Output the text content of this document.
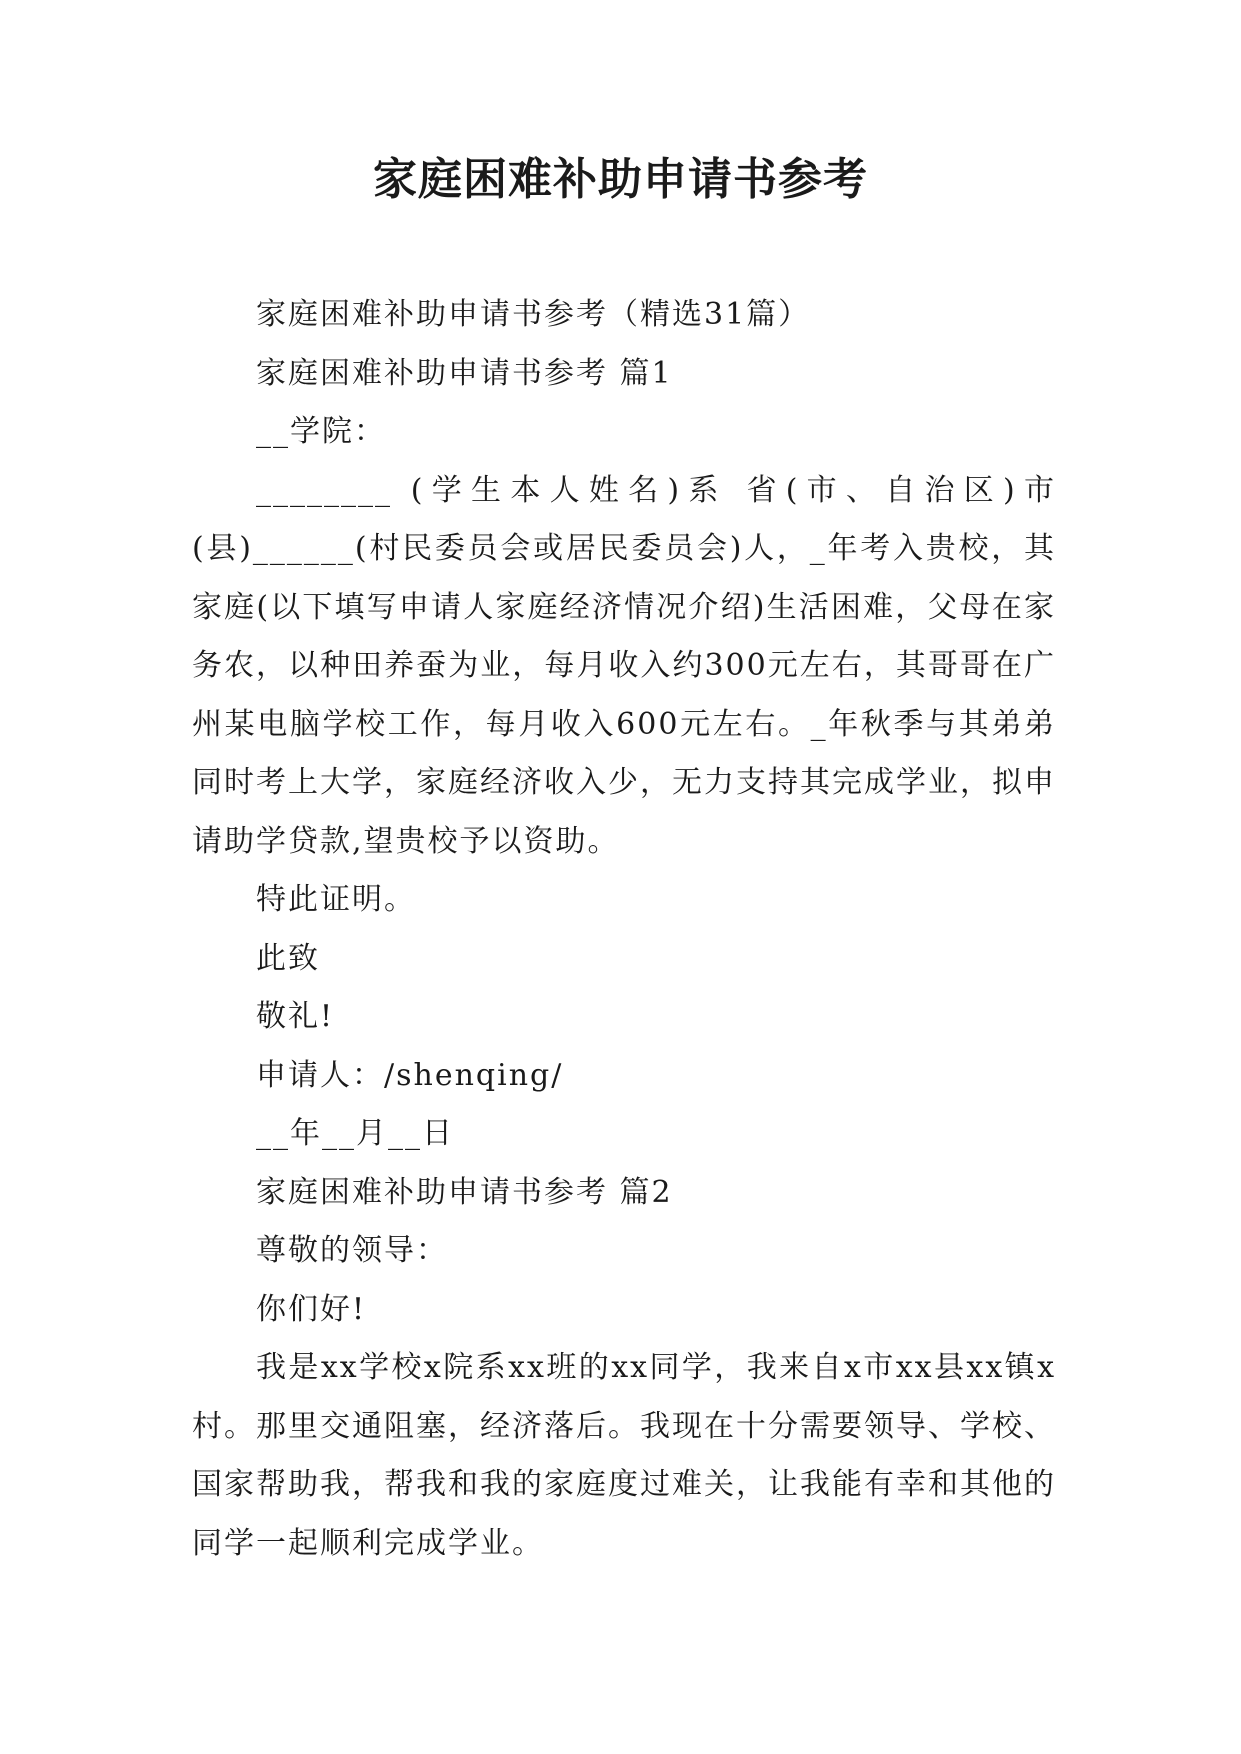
家庭困难补助申请书参考

家庭困难补助申请书参考（精选31篇）

家庭困难补助申请书参考 篇1

__学院：

________ (学生本人姓名)系 省(市、自治区)市(县)______(村民委员会或居民委员会)人，_年考入贵校，其家庭(以下填写申请人家庭经济情况介绍)生活困难，父母在家务农，以种田养蚕为业，每月收入约300元左右，其哥哥在广州某电脑学校工作，每月收入600元左右。_年秋季与其弟弟同时考上大学，家庭经济收入少，无力支持其完成学业，拟申请助学贷款,望贵校予以资助。

特此证明。

此致

敬礼!

申请人：/shenqing/

__年__月__日

家庭困难补助申请书参考 篇2

尊敬的领导：

你们好!

我是xx学校x院系xx班的xx同学，我来自x市xx县xx镇x村。那里交通阻塞，经济落后。我现在十分需要领导、学校、国家帮助我，帮我和我的家庭度过难关，让我能有幸和其他的同学一起顺利完成学业。
